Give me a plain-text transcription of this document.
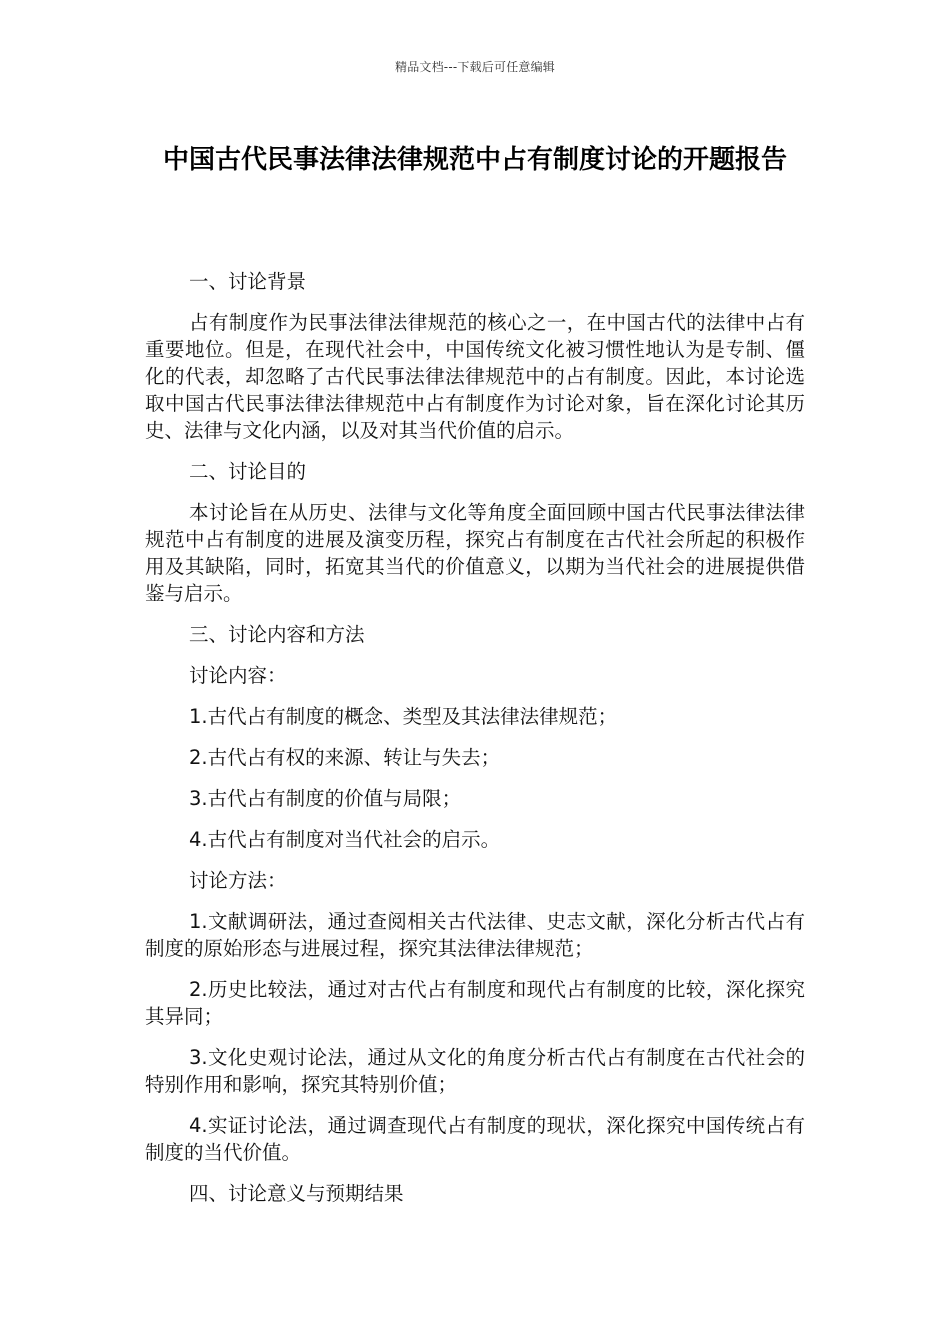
精品文档---下载后可任意编辑
中国古代民事法律法律规范中占有制度讨论的开题报告

一、讨论背景

占有制度作为民事法律法律规范的核心之一，在中国古代的法律中占有重要地位。但是，在现代社会中，中国传统文化被习惯性地认为是专制、僵化的代表，却忽略了古代民事法律法律规范中的占有制度。因此，本讨论选取中国古代民事法律法律规范中占有制度作为讨论对象，旨在深化讨论其历史、法律与文化内涵，以及对其当代价值的启示。

二、讨论目的

本讨论旨在从历史、法律与文化等角度全面回顾中国古代民事法律法律规范中占有制度的进展及演变历程，探究占有制度在古代社会所起的积极作用及其缺陷，同时，拓宽其当代的价值意义，以期为当代社会的进展提供借鉴与启示。

三、讨论内容和方法

讨论内容：

1.古代占有制度的概念、类型及其法律法律规范；

2.古代占有权的来源、转让与失去；

3.古代占有制度的价值与局限；

4.古代占有制度对当代社会的启示。

讨论方法：

1.文献调研法，通过查阅相关古代法律、史志文献，深化分析古代占有制度的原始形态与进展过程，探究其法律法律规范；

2.历史比较法，通过对古代占有制度和现代占有制度的比较，深化探究其异同；

3.文化史观讨论法，通过从文化的角度分析古代占有制度在古代社会的特别作用和影响，探究其特别价值；

4.实证讨论法，通过调查现代占有制度的现状，深化探究中国传统占有制度的当代价值。

四、讨论意义与预期结果
